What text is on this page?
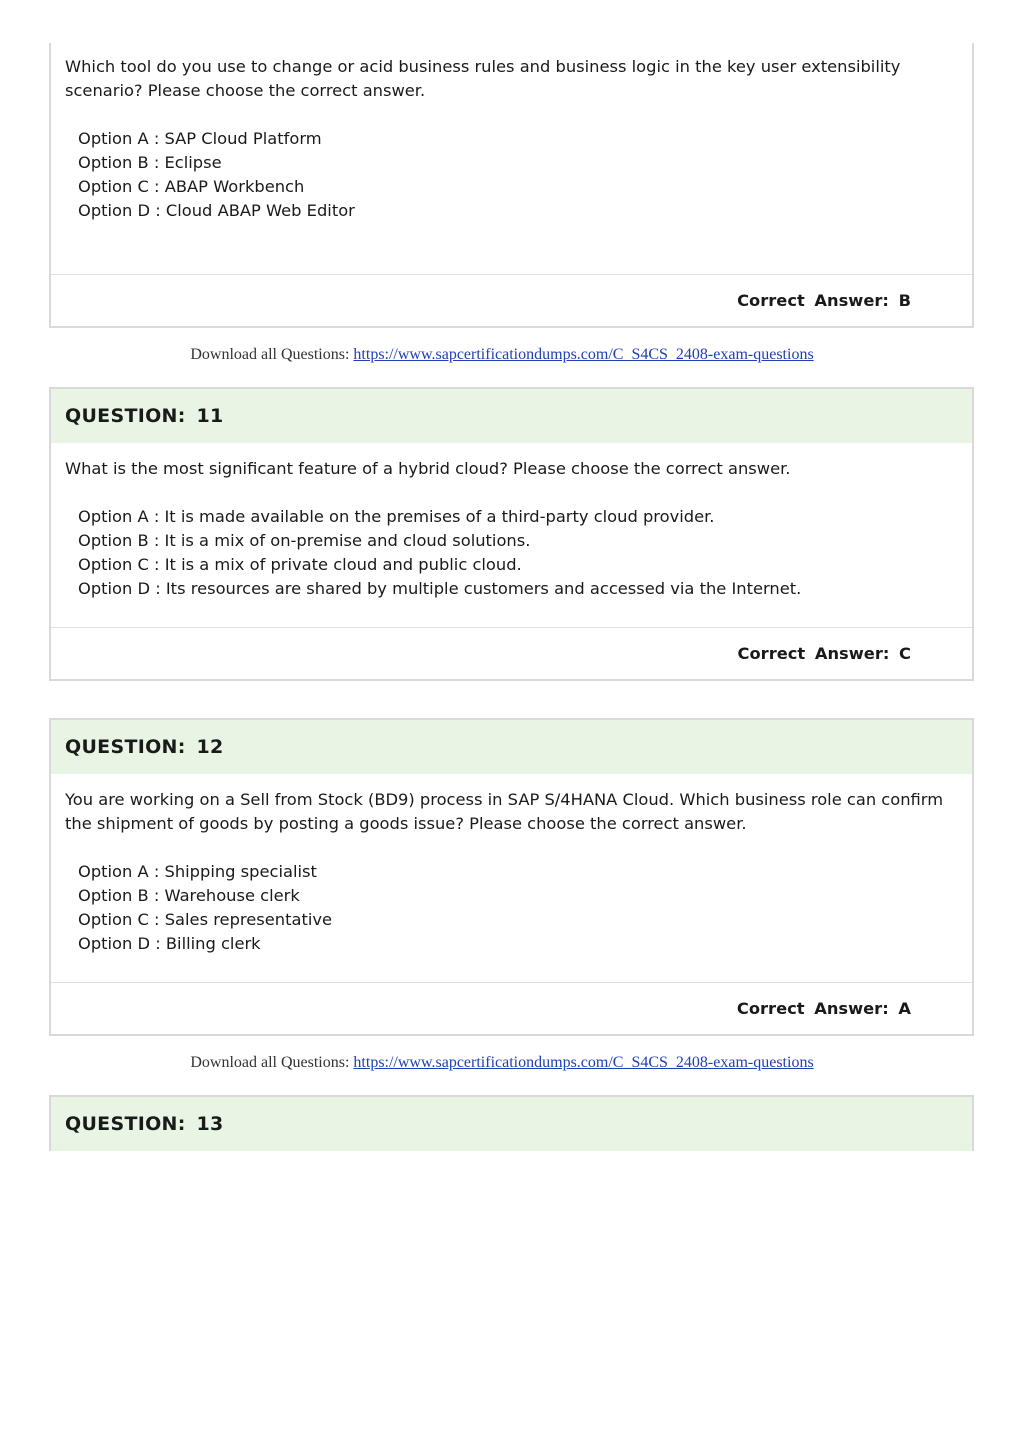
Which tool do you use to change or acid business rules and business logic in the key user extensibility scenario? Please choose the correct answer.

Option A : SAP Cloud Platform
Option B : Eclipse
Option C : ABAP Workbench
Option D : Cloud ABAP Web Editor
Correct Answer: B
Download all Questions: https://www.sapcertificationdumps.com/C_S4CS_2408-exam-questions
QUESTION: 11

What is the most significant feature of a hybrid cloud? Please choose the correct answer.

Option A : It is made available on the premises of a third-party cloud provider.
Option B : It is a mix of on-premise and cloud solutions.
Option C : It is a mix of private cloud and public cloud.
Option D : Its resources are shared by multiple customers and accessed via the Internet.
Correct Answer: C
QUESTION: 12

You are working on a Sell from Stock (BD9) process in SAP S/4HANA Cloud. Which business role can confirm the shipment of goods by posting a goods issue? Please choose the correct answer.

Option A : Shipping specialist
Option B : Warehouse clerk
Option C : Sales representative
Option D : Billing clerk
Correct Answer: A
Download all Questions: https://www.sapcertificationdumps.com/C_S4CS_2408-exam-questions
QUESTION: 13
